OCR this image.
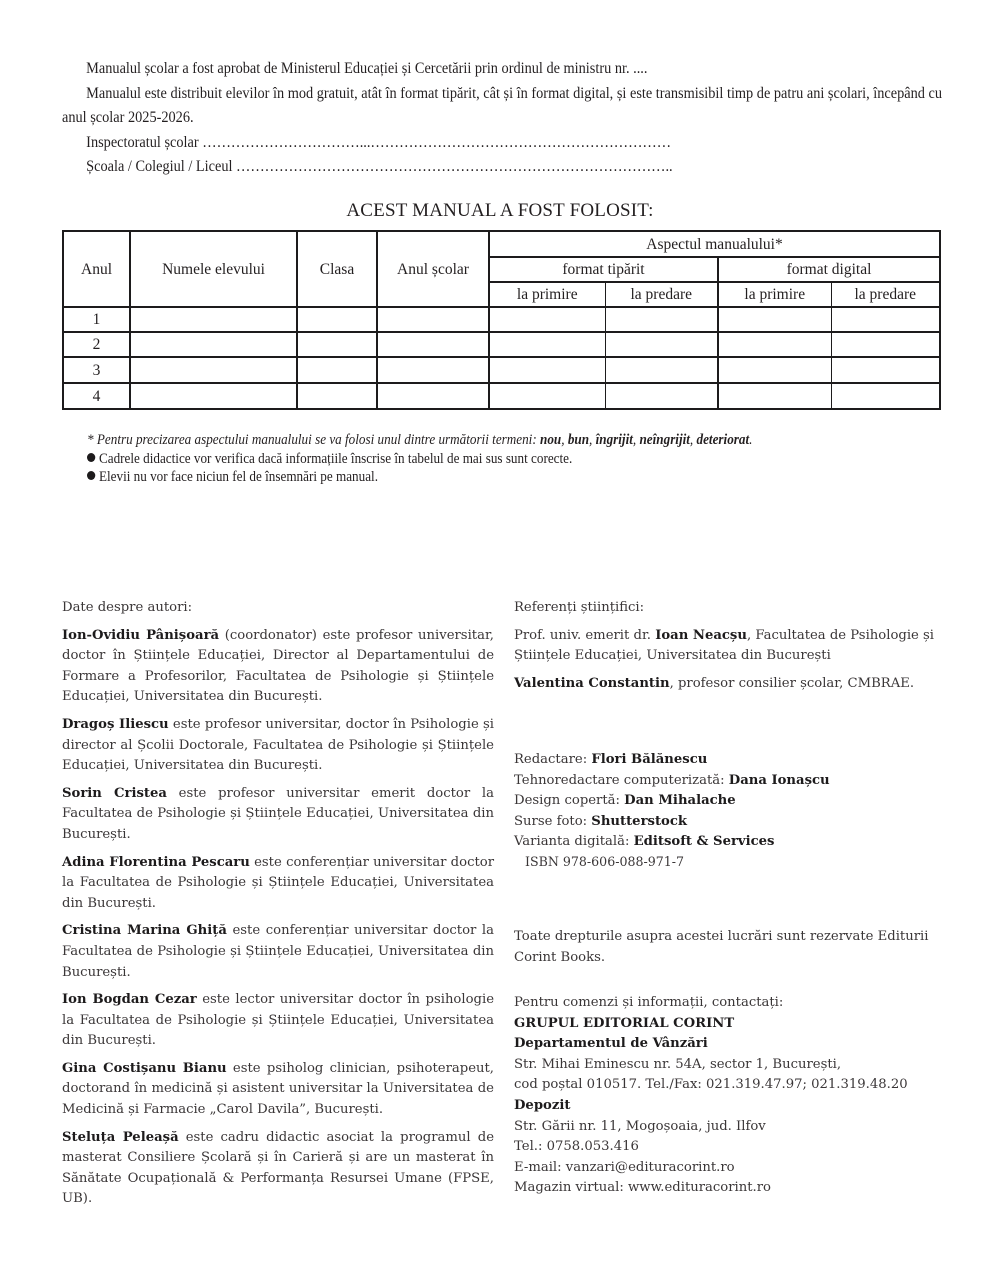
Manualul școlar a fost aprobat de Ministerul Educației și Cercetării prin ordinul de ministru nr. ....

Manualul este distribuit elevilor în mod gratuit, atât în format tipărit, cât și în format digital, și este transmisibil timp de patru ani școlari, începând cu anul școlar 2025-2026.

Inspectoratul școlar ……………………………...………………………………………………………

Școala / Colegiul / Liceul ………………………………………………………………………………..

ACEST MANUAL A FOST FOLOSIT:
Anul	Numele elevului	Clasa	Anul școlar	Aspectul manualului*			
				format tipărit		format digital	
				la primire	la predare	la primire	la predare
1							
2							
3							
4							
* Pentru precizarea aspectului manualului se va folosi unul dintre următorii termeni: nou, bun, îngrijit, neîngrijit, deteriorat.
Cadrele didactice vor verifica dacă informațiile înscrise în tabelul de mai sus sunt corecte.
Elevii nu vor face niciun fel de însemnări pe manual.

Date despre autori:

Ion-Ovidiu Pânișoară (coordonator) este profesor universitar, doctor în Științele Educației, Director al Departamentului de Formare a Profesorilor, Facultatea de Psihologie și Științele Educației, Universitatea din București.

Dragoș Iliescu este profesor universitar, doctor în Psihologie și director al Școlii Doctorale, Facultatea de Psihologie și Științele Educației, Universitatea din București.

Sorin Cristea este profesor universitar emerit doctor la Facultatea de Psihologie și Științele Educației, Universitatea din București.

Adina Florentina Pescaru este conferențiar universitar doctor la Facultatea de Psihologie și Științele Educației, Universitatea din București.

Cristina Marina Ghiță este conferențiar universitar doctor la Facultatea de Psihologie și Științele Educației, Universitatea din București.

Ion Bogdan Cezar este lector universitar doctor în psihologie la Facultatea de Psihologie și Științele Educației, Universitatea din București.

Gina Costișanu Bianu este psiholog clinician, psihoterapeut, doctorand în medicină și asistent universitar la Universitatea de Medicină și Farmacie „Carol Davila”, București.

Steluța Peleașă este cadru didactic asociat la programul de masterat Consiliere Școlară și în Carieră și are un masterat în Sănătate Ocupațională & Performanța Resursei Umane (FPSE, UB).

Referenți științifici:

Prof. univ. emerit dr. Ioan Neacșu, Facultatea de Psihologie și Științele Educației, Universitatea din București

Valentina Constantin, profesor consilier școlar, CMBRAE.

Redactare: Flori Bălănescu
Tehnoredactare computerizată: Dana Ionașcu
Design copertă: Dan Mihalache
Surse foto: Shutterstock
Varianta digitală: Editsoft & Services
ISBN 978-606-088-971-7
Toate drepturile asupra acestei lucrări sunt rezervate Editurii Corint Books.
Pentru comenzi și informații, contactați:
GRUPUL EDITORIAL CORINT
Departamentul de Vânzări
Str. Mihai Eminescu nr. 54A, sector 1, București,
cod poștal 010517. Tel./Fax: 021.319.47.97; 021.319.48.20
Depozit
Str. Gării nr. 11, Mogoșoaia, jud. Ilfov
Tel.: 0758.053.416
E-mail: vanzari@edituracorint.ro
Magazin virtual: www.edituracorint.ro
